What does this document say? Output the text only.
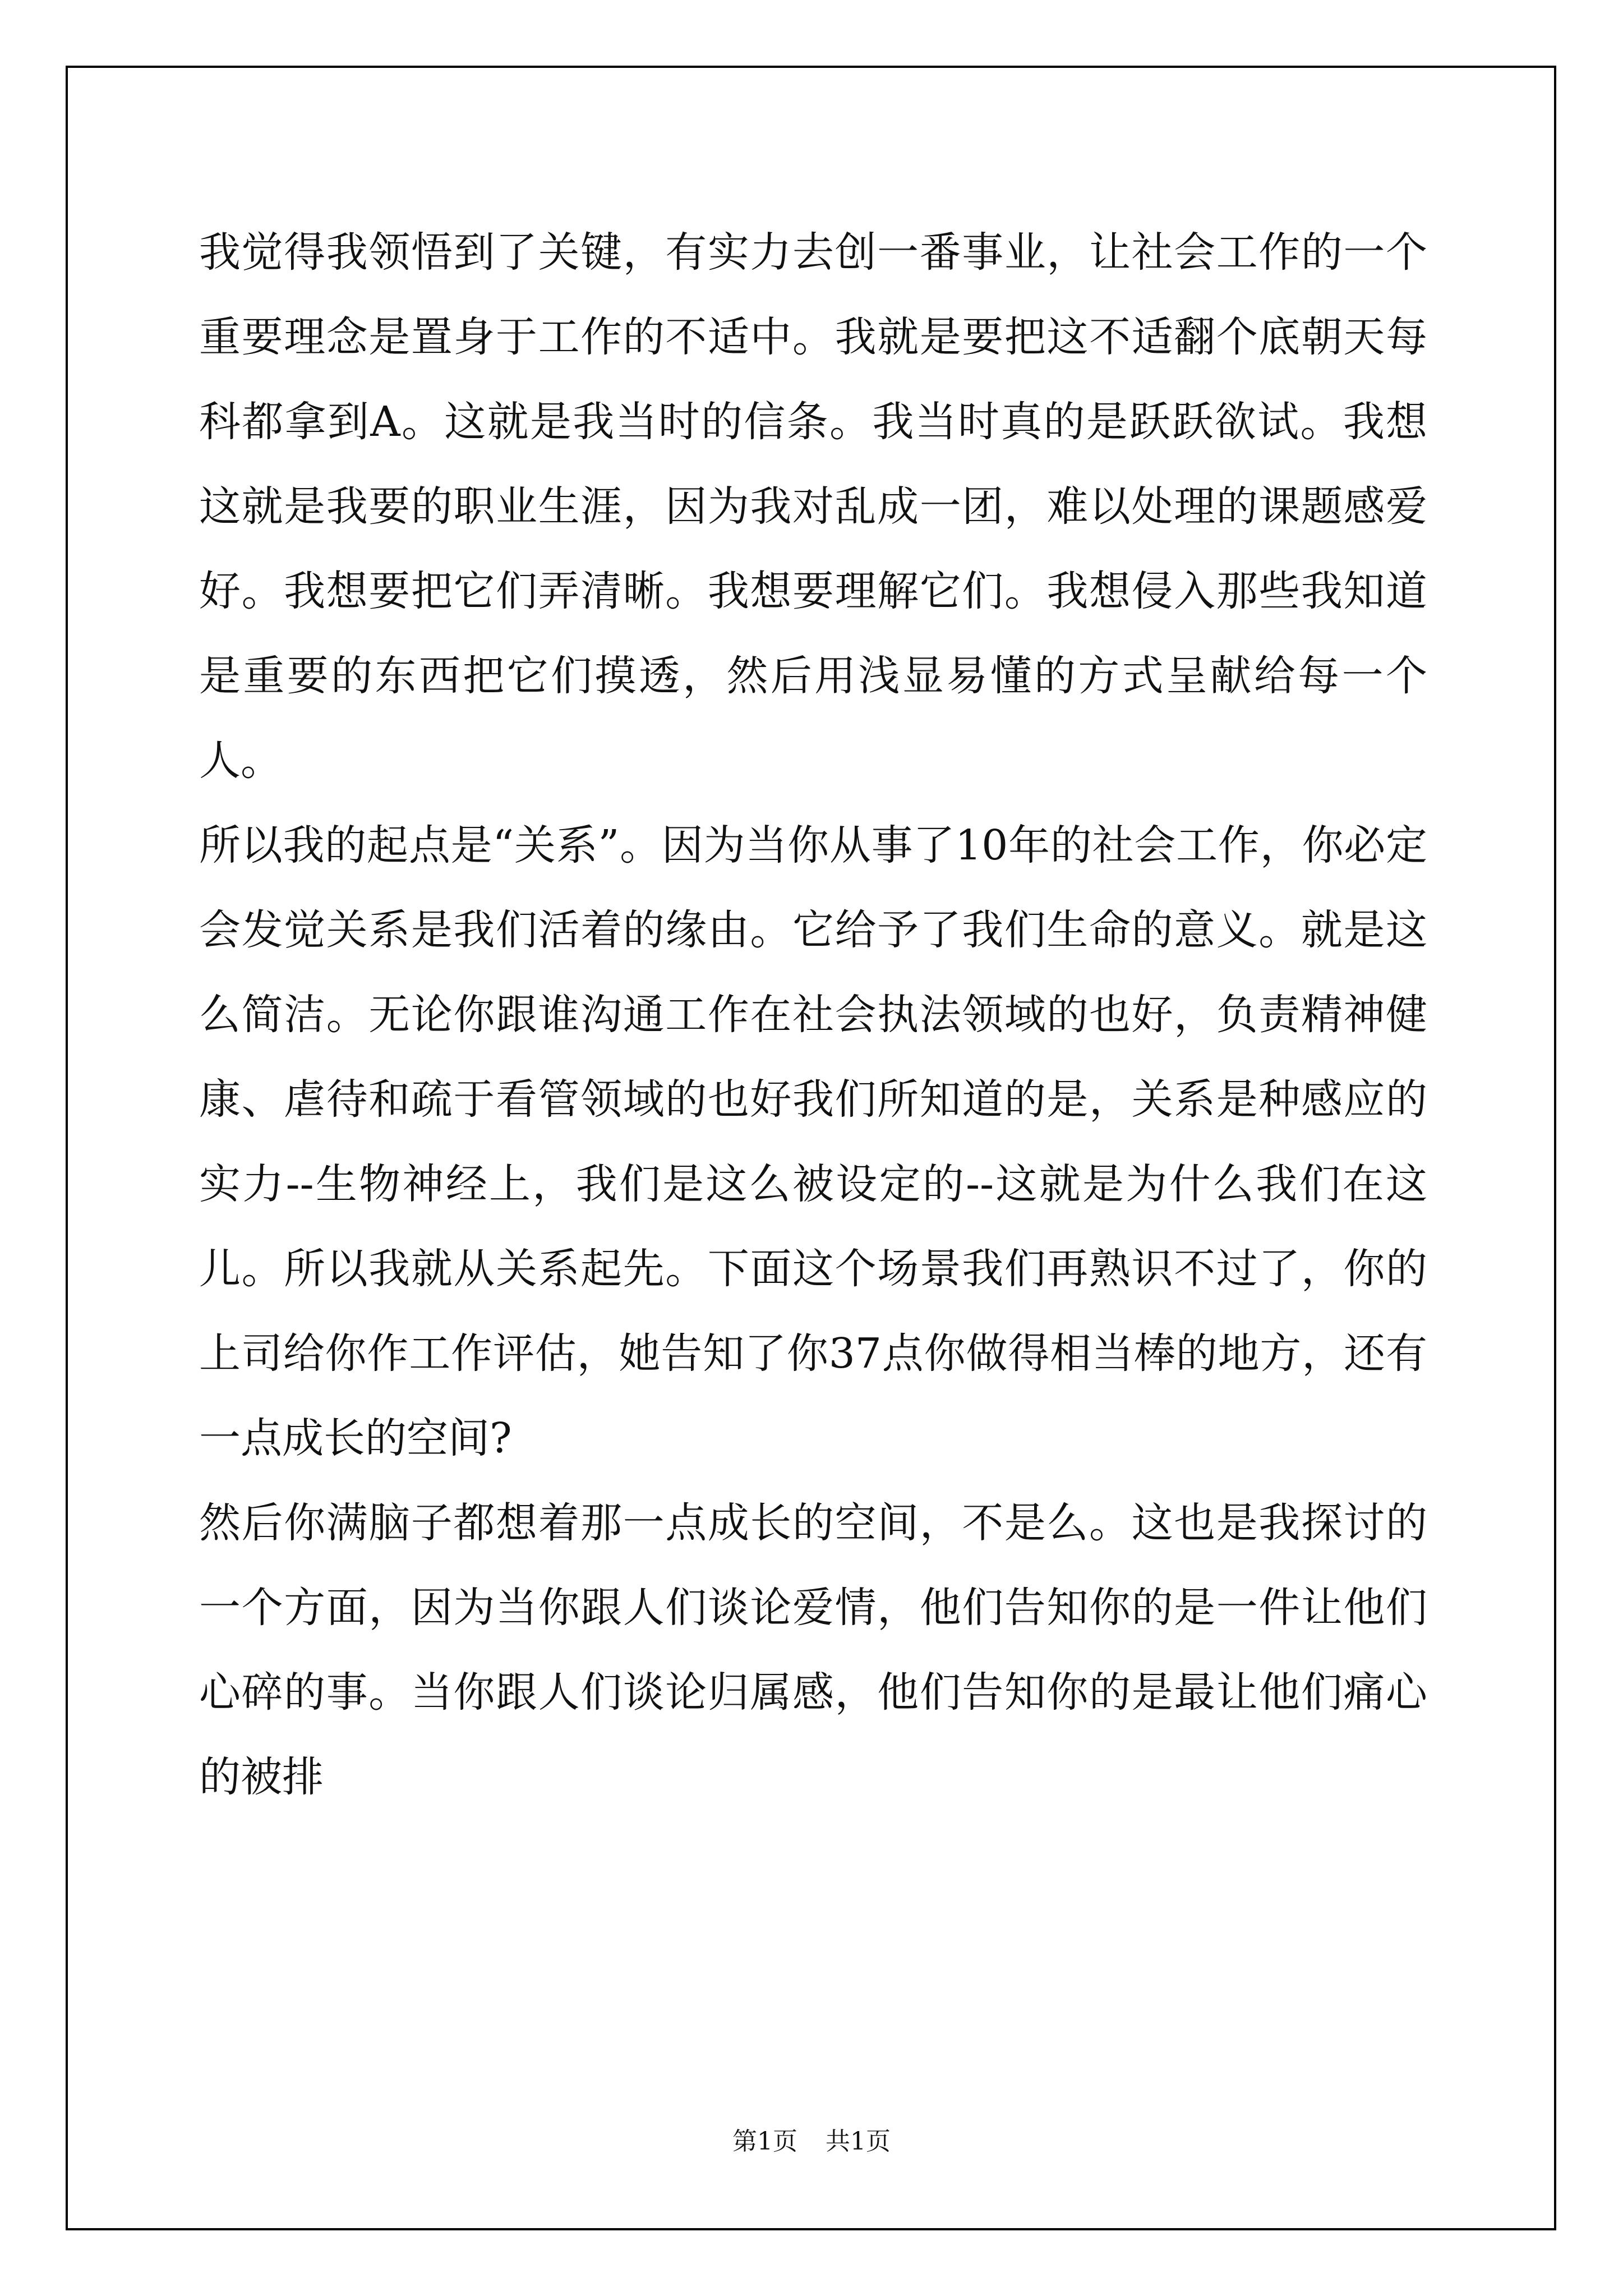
我觉得我领悟到了关键，有实力去创一番事业，让社会工作的一个重要理念是置身于工作的不适中。我就是要把这不适翻个底朝天每科都拿到A。这就是我当时的信条。我当时真的是跃跃欲试。我想这就是我要的职业生涯，因为我对乱成一团，难以处理的课题感爱好。我想要把它们弄清晰。我想要理解它们。我想侵入那些我知道是重要的东西把它们摸透，然后用浅显易懂的方式呈献给每一个人。

所以我的起点是“关系”。因为当你从事了10年的社会工作，你必定会发觉关系是我们活着的缘由。它给予了我们生命的意义。就是这么简洁。无论你跟谁沟通工作在社会执法领域的也好，负责精神健康、虐待和疏于看管领域的也好我们所知道的是，关系是种感应的实力--生物神经上，我们是这么被设定的--这就是为什么我们在这儿。所以我就从关系起先。下面这个场景我们再熟识不过了，你的上司给你作工作评估，她告知了你37点你做得相当棒的地方，还有一点成长的空间?

然后你满脑子都想着那一点成长的空间，不是么。这也是我探讨的一个方面，因为当你跟人们谈论爱情，他们告知你的是一件让他们心碎的事。当你跟人们谈论归属感，他们告知你的是最让他们痛心的被排

第1页 共1页
